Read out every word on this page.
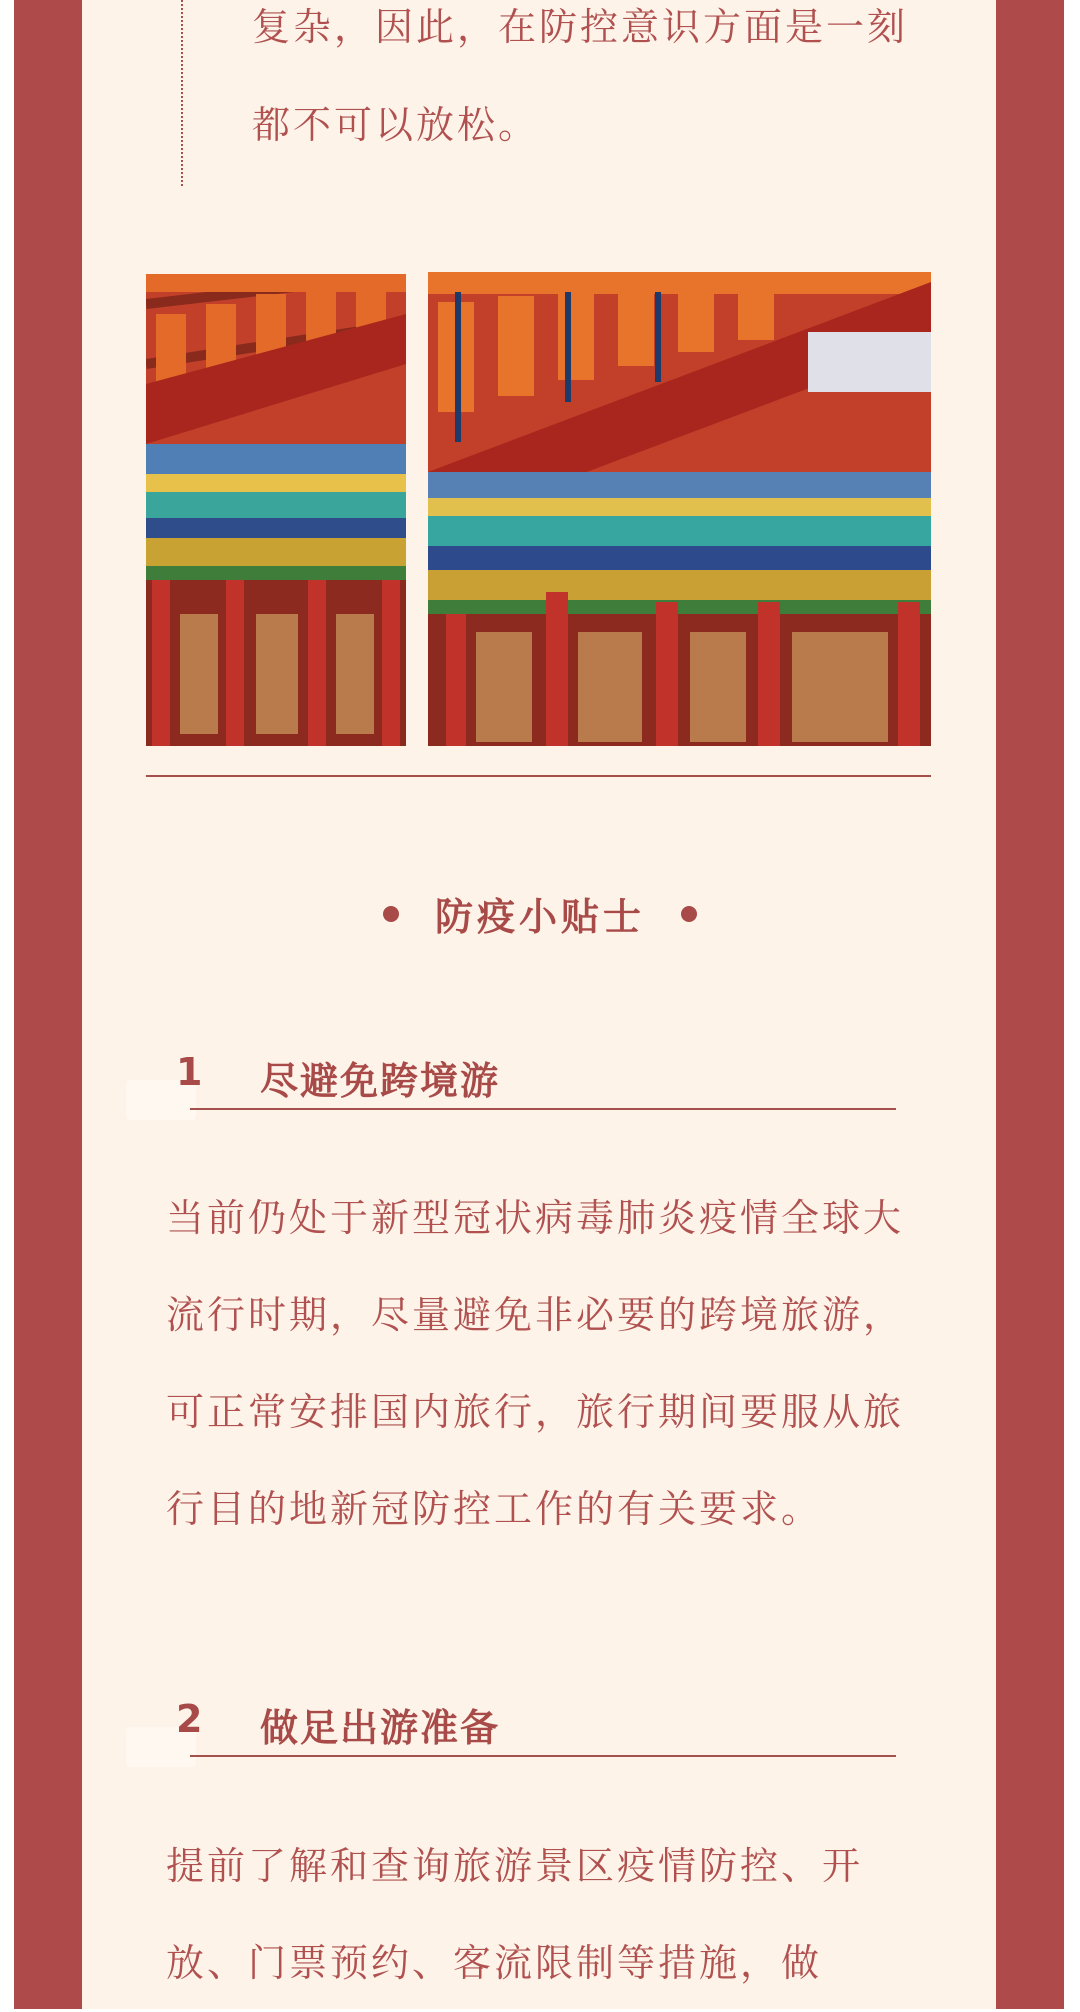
复杂，因此，在防控意识方面是一刻都不可以放松。
防疫小贴士
1 尽避免跨境游
当前仍处于新型冠状病毒肺炎疫情全球大流行时期，尽量避免非必要的跨境旅游，可正常安排国内旅行，旅行期间要服从旅行目的地新冠防控工作的有关要求。
2 做足出游准备
提前了解和查询旅游景区疫情防控、开放、门票预约、客流限制等措施，做
